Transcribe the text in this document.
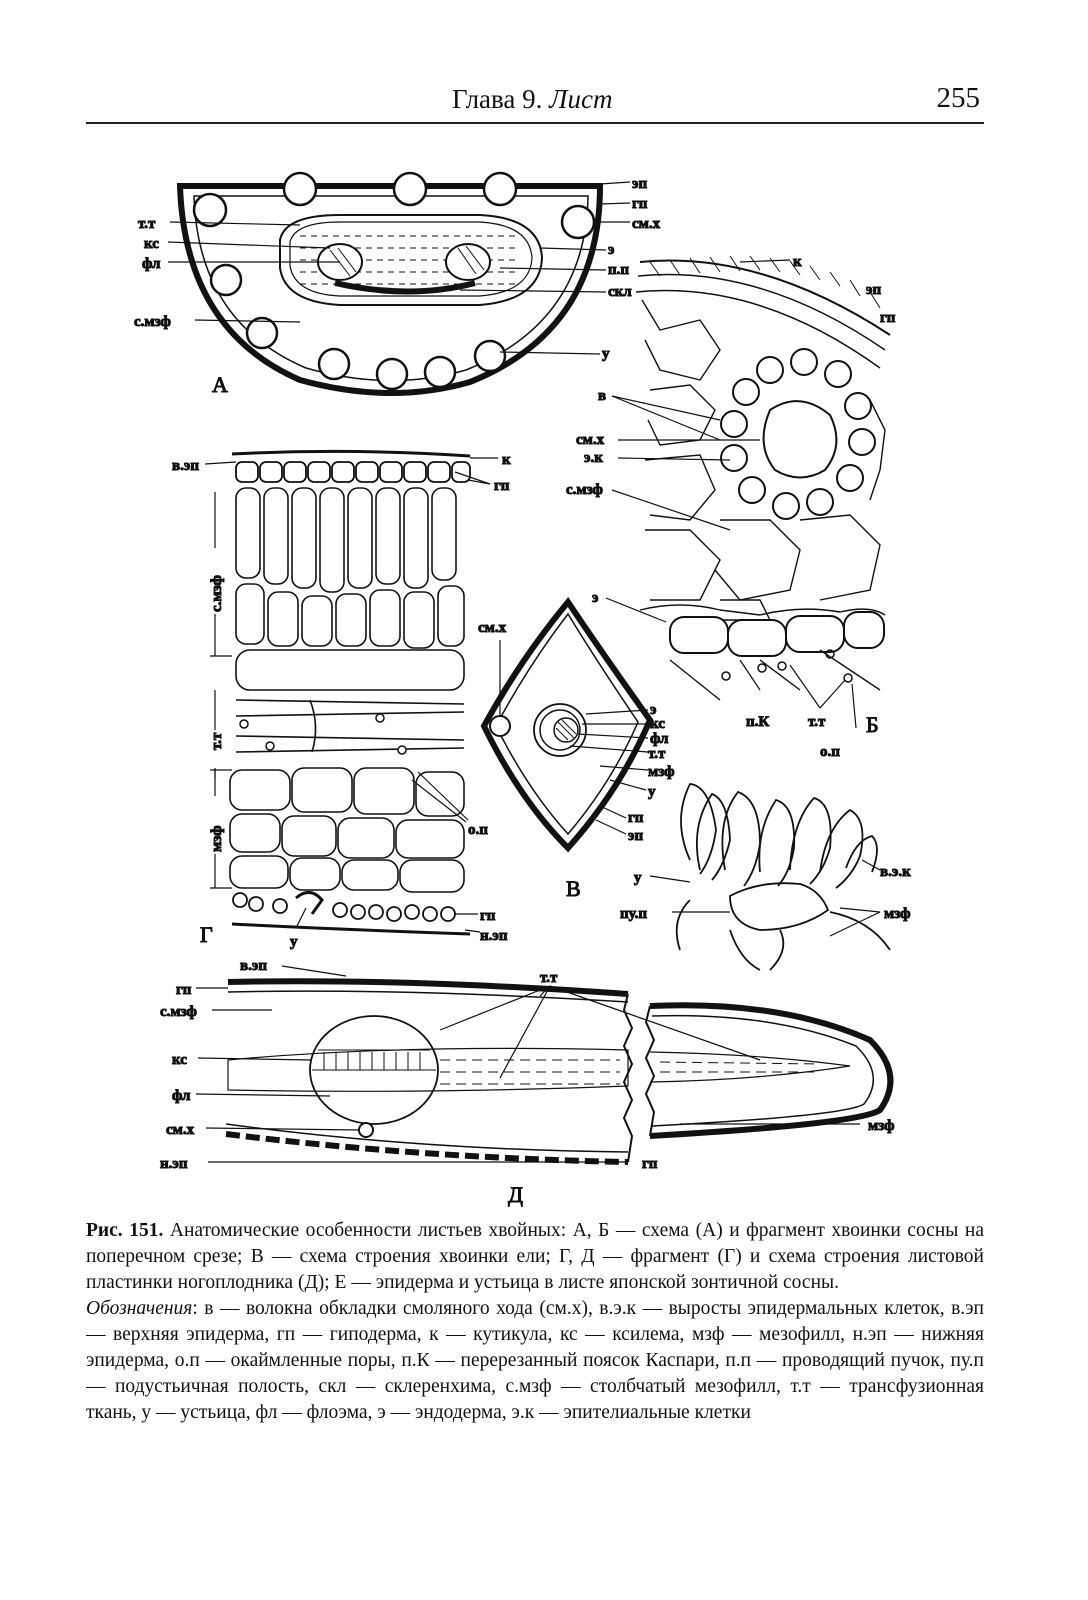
Глава 9. Лист	255
т.т
кс
фл
с.мзф
эп
гп
см.х
э
п.п
скл
у
А
к
эп
гп
в
см.х
э.к
с.мзф
э
п.К	т.т
о.п
Б
в.эп	к
гп
с.мзф
т.т
мзф	о.п
гп
н.эп
у
Г
см.х
э
кс
фл
т.т
мзф
у
гп
эп
В
в.э.к
у
пу.п	мзф
в.эп
гп
с.мзф
т.т
кс
фл
см.х
н.эп
мзф
гп
Д

Рис. 151. Анатомические особенности листьев хвойных: А, Б — схема (А) и фрагмент хвоинки сосны на поперечном срезе; В — схема строения хвоинки ели; Г, Д — фрагмент (Г) и схема строения листовой пластинки ногоплодника (Д); Е — эпидерма и устьица в листе японской зонтичной сосны.

Обозначения: в — волокна обкладки смоляного хода (см.х), в.э.к — выросты эпидермальных клеток, в.эп — верхняя эпидерма, гп — гиподерма, к — кутикула, кс — ксилема, мзф — мезофилл, н.эп — нижняя эпидерма, о.п — окаймленные поры, п.К — перерезанный поясок Каспари, п.п — проводящий пучок, пу.п — подустьичная полость, скл — склеренхима, с.мзф — столбчатый мезофилл, т.т — трансфузионная ткань, у — устьица, фл — флоэма, э — эндодерма, э.к — эпителиальные клетки
